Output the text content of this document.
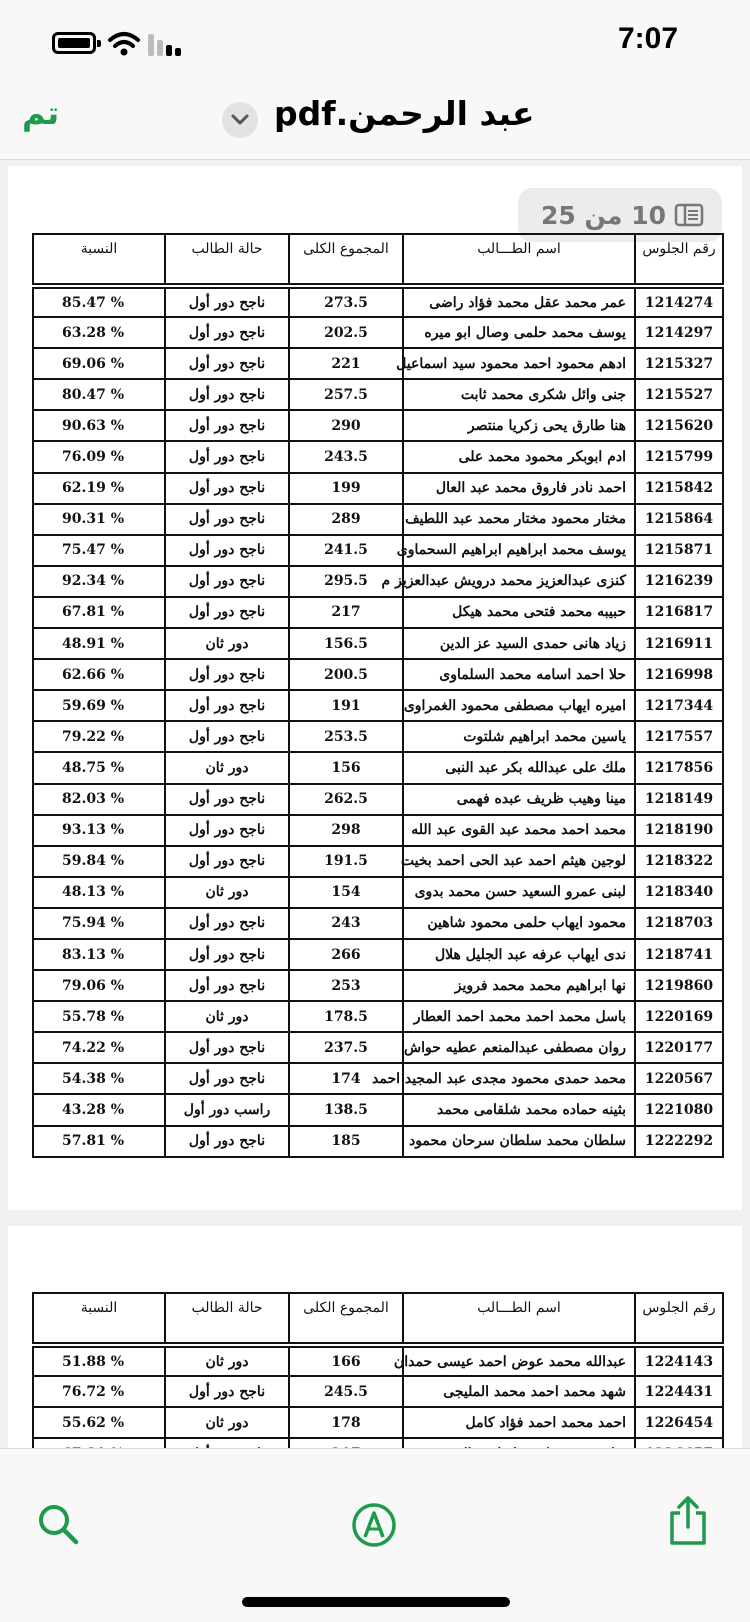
7:07
تم	عبد الرحمن.pdf
10 من 25
رقم الجلوس	اسم الطـــالب	المجموع الكلى	حالة الطالب	النسبة
1214274	عمر محمد عقل محمد فؤاد راضى	273.5	ناجح دور أول	85.47 %
1214297	يوسف محمد حلمى وصال ابو ميره	202.5	ناجح دور أول	63.28 %
1215327	ادهم محمود احمد محمود سيد اسماعيل	221	ناجح دور أول	69.06 %
1215527	جنى وائل شكرى محمد ثابت	257.5	ناجح دور أول	80.47 %
1215620	هنا طارق يحى زكريا منتصر	290	ناجح دور أول	90.63 %
1215799	ادم ابوبكر محمود محمد على	243.5	ناجح دور أول	76.09 %
1215842	احمد نادر فاروق محمد عبد العال	199	ناجح دور أول	62.19 %
1215864	مختار محمود مختار محمد عبد اللطيف	289	ناجح دور أول	90.31 %
1215871	يوسف محمد ابراهيم ابراهيم السحماوى	241.5	ناجح دور أول	75.47 %
1216239	كنزى عبدالعزيز محمد درويش عبدالعزيز م	295.5	ناجح دور أول	92.34 %
1216817	حبيبه محمد فتحى محمد هيكل	217	ناجح دور أول	67.81 %
1216911	زياد هانى حمدى السيد عز الدين	156.5	دور ثان	48.91 %
1216998	حلا احمد اسامه محمد السلماوى	200.5	ناجح دور أول	62.66 %
1217344	اميره ايهاب مصطفى محمود الغمراوى	191	ناجح دور أول	59.69 %
1217557	ياسين محمد ابراهيم شلتوت	253.5	ناجح دور أول	79.22 %
1217856	ملك على عبدالله بكر عبد النبى	156	دور ثان	48.75 %
1218149	مينا وهيب ظريف عبده فهمى	262.5	ناجح دور أول	82.03 %
1218190	محمد احمد محمد عبد القوى عبد الله	298	ناجح دور أول	93.13 %
1218322	لوجين هيثم احمد عبد الحى احمد بخيت	191.5	ناجح دور أول	59.84 %
1218340	لبنى عمرو السعيد حسن محمد بدوى	154	دور ثان	48.13 %
1218703	محمود ايهاب حلمى محمود شاهين	243	ناجح دور أول	75.94 %
1218741	ندى ايهاب عرفه عبد الجليل هلال	266	ناجح دور أول	83.13 %
1219860	نها ابراهيم محمد محمد فرويز	253	ناجح دور أول	79.06 %
1220169	باسل محمد احمد محمد احمد العطار	178.5	دور ثان	55.78 %
1220177	روان مصطفى عبدالمنعم عطيه حواش	237.5	ناجح دور أول	74.22 %
1220567	محمد حمدى محمود مجدى عبد المجيد احمد	174	ناجح دور أول	54.38 %
1221080	بثينه حماده محمد شلقامى محمد	138.5	راسب دور أول	43.28 %
1222292	سلطان محمد سلطان سرحان محمود	185	ناجح دور أول	57.81 %
رقم الجلوس	اسم الطـــالب	المجموع الكلى	حالة الطالب	النسبة
1224143	عبدالله محمد عوض احمد عيسى حمدان	166	دور ثان	51.88 %
1224431	شهد محمد احمد محمد المليجى	245.5	ناجح دور أول	76.72 %
1226454	احمد محمد احمد فؤاد كامل	178	دور ثان	55.62 %
